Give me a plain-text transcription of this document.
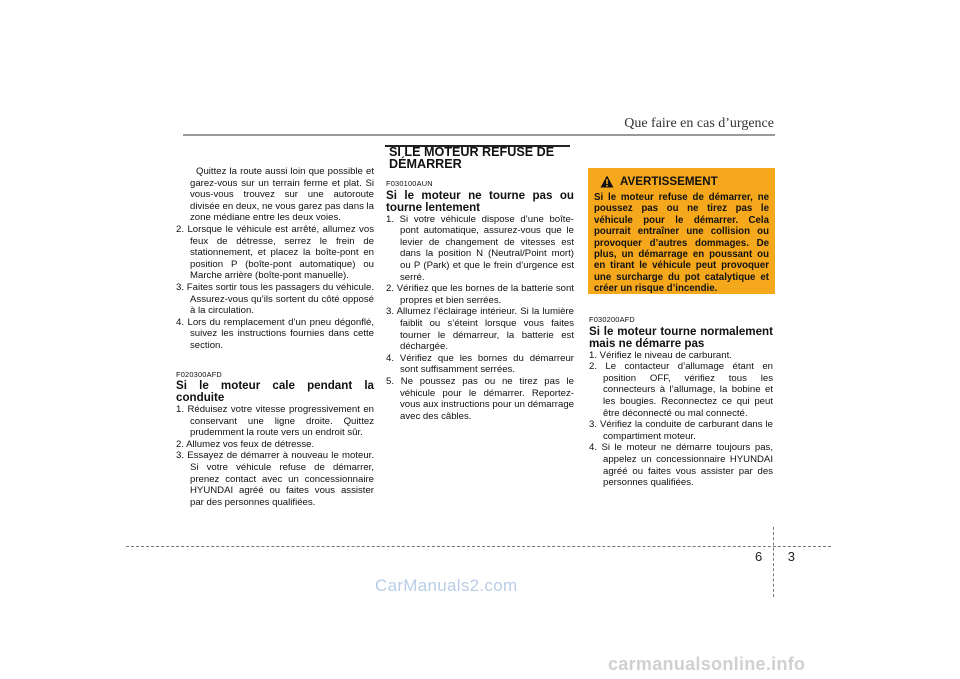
Que faire en cas d’urgence

Quittez la route aussi loin que possible et garez-vous sur un terrain ferme et plat. Si vous-vous trouvez sur une autoroute divisée en deux, ne vous garez pas dans la zone médiane entre les deux voies.

2. Lorsque le véhicule est arrêté, allumez vos feux de détresse, serrez le frein de stationnement, et placez la boîte-pont en position P (boîte-pont automatique) ou Marche arrière (boîte-pont manuelle).
3. Faites sortir tous les passagers du véhicule. Assurez-vous qu’ils sortent du côté opposé à la circulation.
4. Lors du remplacement d’un pneu dégonflé, suivez les instructions fournies dans cette section.

F020300AFD

Si le moteur cale pendant la conduite

1. Réduisez votre vitesse progressivement en conservant une ligne droite. Quittez prudemment la route vers un endroit sûr.
2. Allumez vos feux de détresse.
3. Essayez de démarrer à nouveau le moteur. Si votre véhicule refuse de démarrer, prenez contact avec un concessionnaire HYUNDAI agréé ou faites vous assister par des personnes qualifiées.
SI LE MOTEUR REFUSE DE DÉMARRER

F030100AUN

Si le moteur ne tourne pas ou tourne lentement

1. Si votre véhicule dispose d’une boîte-pont automatique, assurez-vous que le levier de changement de vitesses est dans la position N (Neutral/Point mort) ou P (Park) et que le frein d’urgence est serré.
2. Vérifiez que les bornes de la batterie sont propres et bien serrées.
3. Allumez l’éclairage intérieur. Si la lumière faiblit ou s’éteint lorsque vous faites tourner le démarreur, la batterie est déchargée.
4. Vérifiez que les bornes du démarreur sont suffisamment serrées.
5. Ne poussez pas ou ne tirez pas le véhicule pour le démarrer. Reportez-vous aux instructions pour un démarrage avec des câbles.
AVERTISSEMENT
Si le moteur refuse de démarrer, ne poussez pas ou ne tirez pas le véhicule pour le démarrer. Cela pourrait entraîner une collision ou provoquer d’autres dommages. De plus, un démarrage en poussant ou en tirant le véhicule peut provoquer une surcharge du pot catalytique et créer un risque d’incendie.

F030200AFD

Si le moteur tourne normalement mais ne démarre pas

1. Vérifiez le niveau de carburant.
2. Le contacteur d’allumage étant en position OFF, vérifiez tous les connecteurs à l’allumage, la bobine et les bougies. Reconnectez ce qui peut être déconnecté ou mal connecté.
3. Vérifiez la conduite de carburant dans le compartiment moteur.
4. Si le moteur ne démarre toujours pas, appelez un concessionnaire HYUNDAI agréé ou faites vous assister par des personnes qualifiées.
6 3
CarManuals2.com
carmanualsonline.info
